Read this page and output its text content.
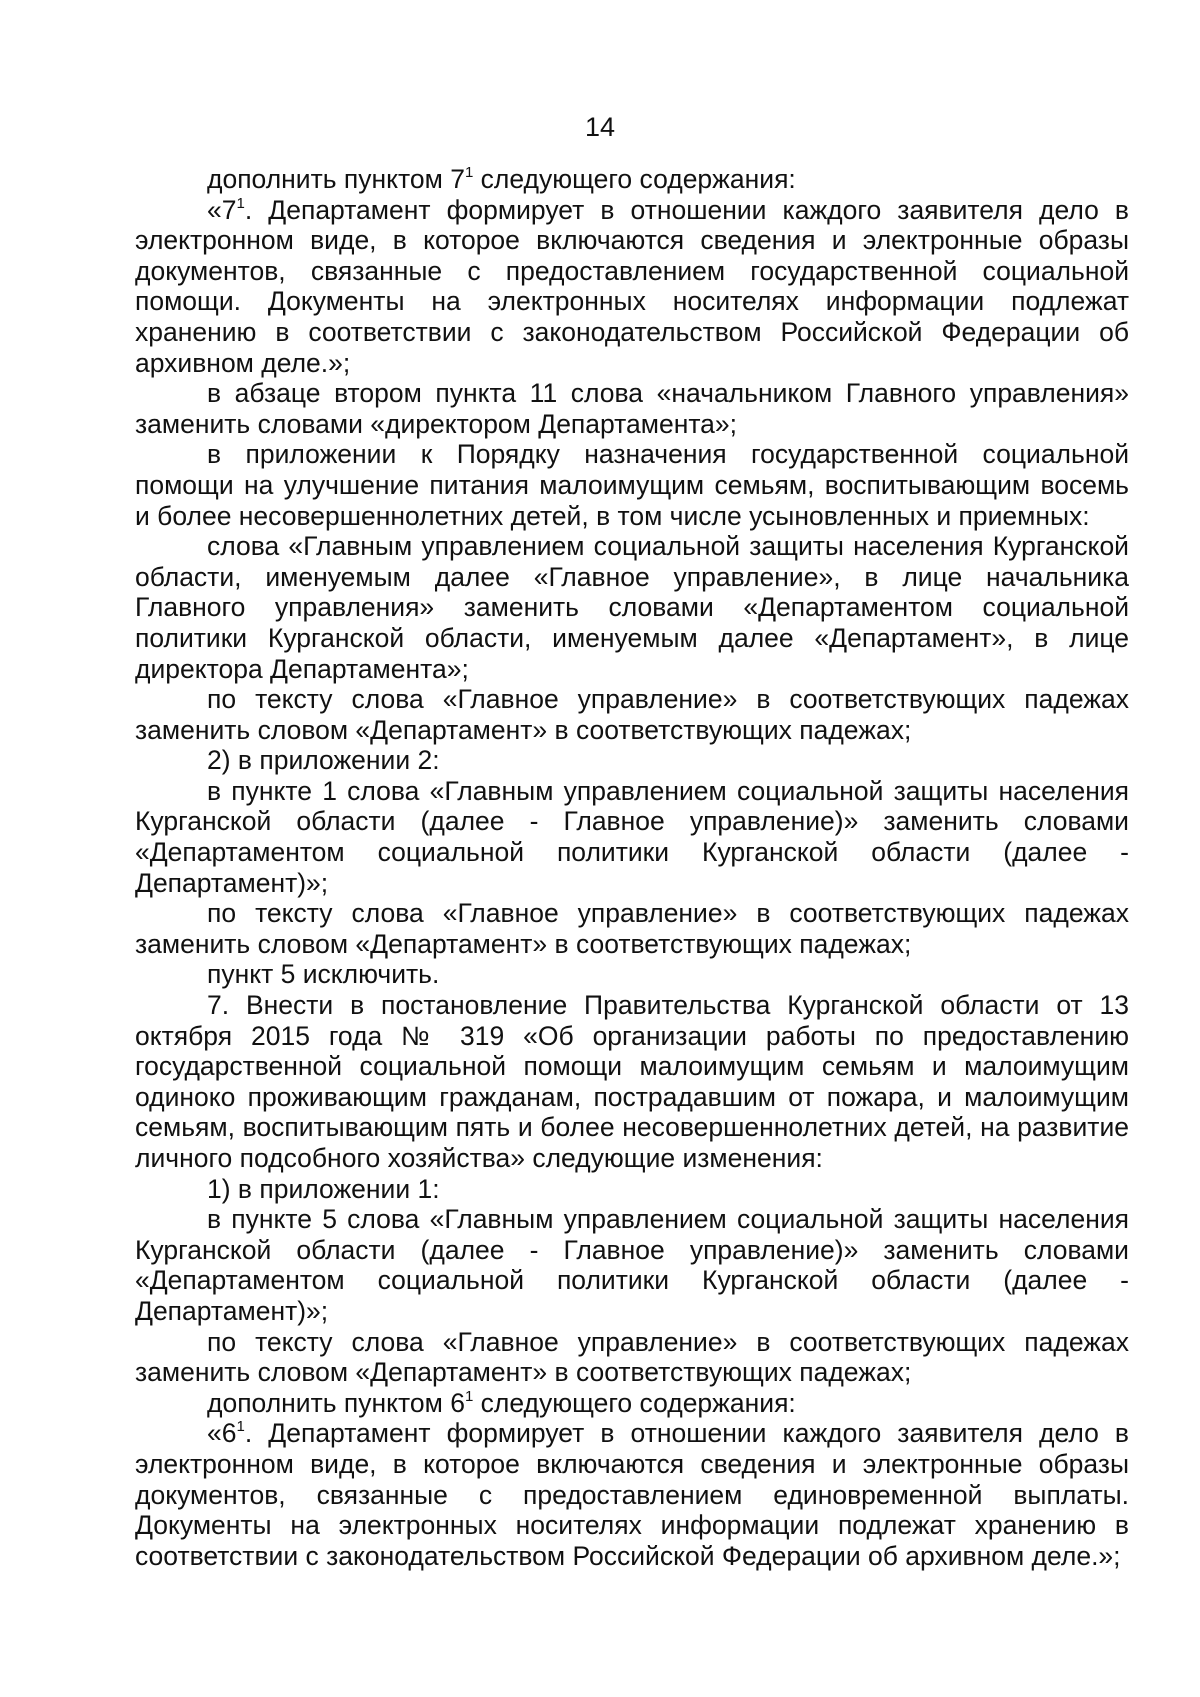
14

дополнить пунктом $7^1$ следующего содержания:

«$7^1$. Департамент формирует в отношении каждого заявителя дело в электронном виде, в которое включаются сведения и электронные образы документов, связанные с предоставлением государственной социальной помощи. Документы на электронных носителях информации подлежат хранению в соответствии с законодательством Российской Федерации об архивном деле.»;

в абзаце втором пункта 11 слова «начальником Главного управления» заменить словами «директором Департамента»;

в приложении к Порядку назначения государственной социальной помощи на улучшение питания малоимущим семьям, воспитывающим восемь и более несовершеннолетних детей, в том числе усыновленных и приемных:

слова «Главным управлением социальной защиты населения Курганской области, именуемым далее «Главное управление», в лице начальника Главного управления» заменить словами «Департаментом социальной политики Курганской области, именуемым далее «Департамент», в лице директора Департамента»;

по тексту слова «Главное управление» в соответствующих падежах заменить словом «Департамент» в соответствующих падежах;

2) в приложении 2:

в пункте 1 слова «Главным управлением социальной защиты населения Курганской области (далее - Главное управление)» заменить словами «Департаментом социальной политики Курганской области (далее - Департамент)»;

по тексту слова «Главное управление» в соответствующих падежах заменить словом «Департамент» в соответствующих падежах;

пункт 5 исключить.

7. Внести в постановление Правительства Курганской области от 13 октября 2015 года № 319 «Об организации работы по предоставлению государственной социальной помощи малоимущим семьям и малоимущим одиноко проживающим гражданам, пострадавшим от пожара, и малоимущим семьям, воспитывающим пять и более несовершеннолетних детей, на развитие личного подсобного хозяйства» следующие изменения:

1) в приложении 1:

в пункте 5 слова «Главным управлением социальной защиты населения Курганской области (далее - Главное управление)» заменить словами «Департаментом социальной политики Курганской области (далее - Департамент)»;

по тексту слова «Главное управление» в соответствующих падежах заменить словом «Департамент» в соответствующих падежах;

дополнить пунктом $6^1$ следующего содержания:

«$6^1$. Департамент формирует в отношении каждого заявителя дело в электронном виде, в которое включаются сведения и электронные образы документов, связанные с предоставлением единовременной выплаты. Документы на электронных носителях информации подлежат хранению в соответствии с законодательством Российской Федерации об архивном деле.»;
